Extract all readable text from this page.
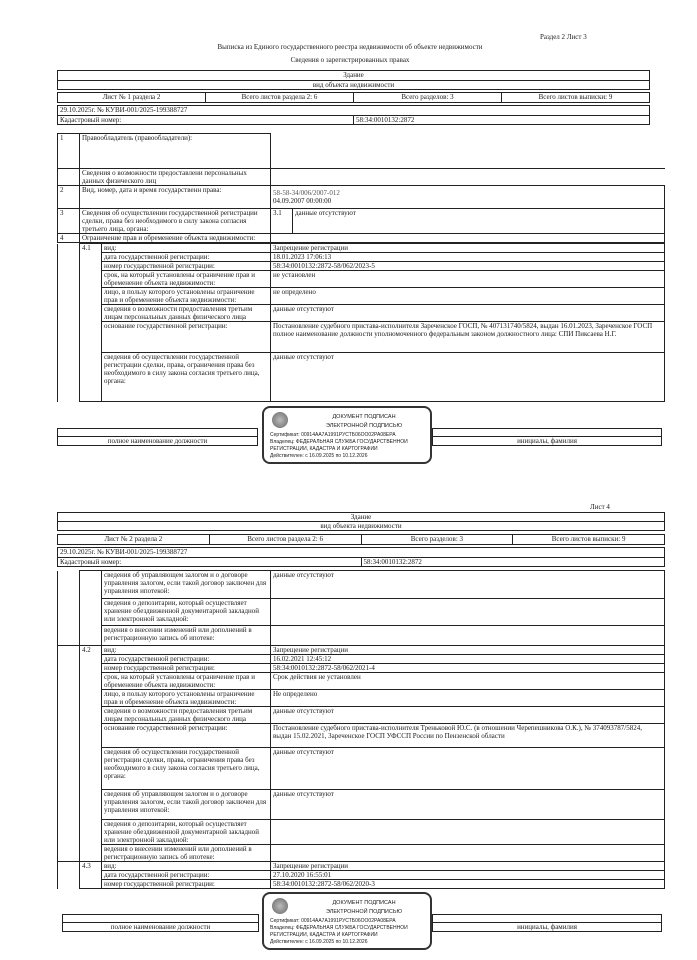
Раздел 2 Лист 3
Выписка из Единого государственного реестра недвижимости об объекте недвижимости
Сведения о зарегистрированных правах
Здание
вид объекта недвижимости
Лист № 1 раздела 2	Всего листов раздела 2: 6	Всего разделов: 3	Всего листов выписки: 9
29.10.2025г. № КУВИ-001/2025-199388727
Кадастровый номер:	58:34:0010132:2872
1	Правообладатель (правообладатели):		
	Сведения о возможности предоставлени персональных данных физического лиц		
2	Вид, номер, дата и время государственн права:	58-58-34/006/2007-012
04.09.2007 00:00:00	

3	Сведения об осуществлении государственной регистрации сделки, права без необходимого в силу закона согласия третьего лица, органа:	3.1	данные отсутствуют
4	Ограничение прав и обременение объекта недвижимости:		
	4.1	вид:	Запрещение регистрации
		дата государственной регистрации:	18.01.2023 17:06:13
		номер государственной регистрации:	58:34:0010132:2872-58/062/2023-5
		срок, на который установлены ограничение прав и обременение объекта недвижимости:	не установлен
		лицо, в пользу которого установлены ограничение прав и обременение объекта недвижимости:	не определено
		сведения о возможности предоставления третьим лицам персональных данных физического лица	данные отсутствуют
		основание государственной регистрации:	Постановление судебного пристава-исполнителя Зареченское ГОСП, № 407131740/5824, выдан 16.01.2023, Зареченское ГОСП полное наименование должности уполномоченного федеральным законом должностного лица: СПИ Пиксаева Н.Г.
		сведения об осуществлении государственной регистрации сделки, права, ограничения права без необходимого в силу закона согласия третьего лица, органа:	данные отсутствуют

полное наименование должности		инициалы, фамилия
ДОКУМЕНТ ПОДПИСАН
ЭЛЕКТРОННОЙ ПОДПИСЬЮ
Сертификат: 00914АА7А1991РУСТБ06ОО02РА08ЕРА
Владелец: ФЕДЕРАЛЬНАЯ СЛУЖБА ГОСУДАРСТВЕННОЙ
РЕГИСТРАЦИИ, КАДАСТРА И КАРТОГРАФИИ
Действителен: с 16.09.2025 по 10.12.2026
Лист 4
Здание
вид объекта недвижимости
Лист № 2 раздела 2	Всего листов раздела 2: 6	Всего разделов: 3	Всего листов выписки: 9
29.10.2025г. № КУВИ-001/2025-199388727
Кадастровый номер:	58:34:0010132:2872
		сведения об управляющем залогом и о договоре управления залогом, если такой договор заключен для управления ипотекой:	данные отсутствуют
		сведения о депозитарии, который осуществляет хранение обездвиженной документарной закладной или электронной закладной:	
		ведения о внесении изменений или дополнений в регистрационную запись об ипотеке:	
	4.2	вид:	Запрещение регистрации
		дата государственной регистрации:	16.02.2021 12:45:12
		номер государственной регистрации:	58:34:0010132:2872-58/062/2021-4
		срок, на который установлены ограничение прав и обременение объекта недвижимости:	Срок действия не установлен
		лицо, в пользу которого установлены ограничение прав и обременение объекта недвижимости:	Не определено
		сведения о возможности предоставления третьим лицам персональных данных физического лица	данные отсутствуют
		основание государственной регистрации:	Постановление судебного пристава-исполнителя Треньковой Ю.С. (в отношении Черепешникова О.К.), № 374093787/5824, выдан 15.02.2021, Зареченское ГОСП УФССП России по Пензенской области
		сведения об осуществлении государственной регистрации сделки, права, ограничения права без необходимого в силу закона согласия третьего лица, органа:	данные отсутствуют
		сведения об управляющем залогом и о договоре управления залогом, если такой договор заключен для управления ипотекой:	данные отсутствуют
		сведения о депозитарии, который осуществляет хранение обездвиженной документарной закладной или электронной закладной:	
		ведения о внесении изменений или дополнений в регистрационную запись об ипотеке:	
	4.3	вид:	Запрещение регистрации
		дата государственной регистрации:	27.10.2020 16:55:01
		номер государственной регистрации:	58:34:0010132:2872-58/062/2020-3

полное наименование должности		инициалы, фамилия
ДОКУМЕНТ ПОДПИСАН
ЭЛЕКТРОННОЙ ПОДПИСЬЮ
Сертификат: 00914АА7А1991РУСТБ06ОО02РА08ЕРА
Владелец: ФЕДЕРАЛЬНАЯ СЛУЖБА ГОСУДАРСТВЕННОЙ
РЕГИСТРАЦИИ, КАДАСТРА И КАРТОГРАФИИ
Действителен: с 16.09.2025 по 10.12.2026
